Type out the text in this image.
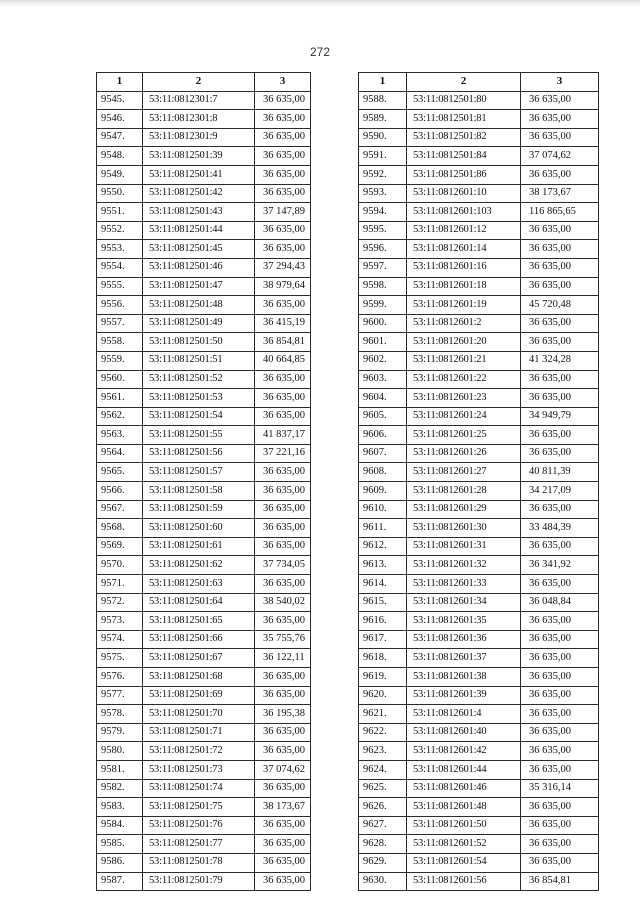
272
1	2	3
9545.	53:11:0812301:7	36 635,00
9546.	53:11:0812301:8	36 635,00
9547.	53:11:0812301:9	36 635,00
9548.	53:11:0812501:39	36 635,00
9549.	53:11:0812501:41	36 635,00
9550.	53:11:0812501:42	36 635,00
9551.	53:11:0812501:43	37 147,89
9552.	53:11:0812501:44	36 635,00
9553.	53:11:0812501:45	36 635,00
9554.	53:11:0812501:46	37 294,43
9555.	53:11:0812501:47	38 979,64
9556.	53:11:0812501:48	36 635,00
9557.	53:11:0812501:49	36 415,19
9558.	53:11:0812501:50	36 854,81
9559.	53:11:0812501:51	40 664,85
9560.	53:11:0812501:52	36 635,00
9561.	53:11:0812501:53	36 635,00
9562.	53:11:0812501:54	36 635,00
9563.	53:11:0812501:55	41 837,17
9564.	53:11:0812501:56	37 221,16
9565.	53:11:0812501:57	36 635,00
9566.	53:11:0812501:58	36 635,00
9567.	53:11:0812501:59	36 635,00
9568.	53:11:0812501:60	36 635,00
9569.	53:11:0812501:61	36 635,00
9570.	53:11:0812501:62	37 734,05
9571.	53:11:0812501:63	36 635,00
9572.	53:11:0812501:64	38 540,02
9573.	53:11:0812501:65	36 635,00
9574.	53:11:0812501:66	35 755,76
9575.	53:11:0812501:67	36 122,11
9576.	53:11:0812501:68	36 635,00
9577.	53:11:0812501:69	36 635,00
9578.	53:11:0812501:70	36 195,38
9579.	53:11:0812501:71	36 635,00
9580.	53:11:0812501:72	36 635,00
9581.	53:11:0812501:73	37 074,62
9582.	53:11:0812501:74	36 635,00
9583.	53:11:0812501:75	38 173,67
9584.	53:11:0812501:76	36 635,00
9585.	53:11:0812501:77	36 635,00
9586.	53:11:0812501:78	36 635,00
9587.	53:11:0812501:79	36 635,00
1	2	3
9588.	53:11:0812501:80	36 635,00
9589.	53:11:0812501:81	36 635,00
9590.	53:11:0812501:82	36 635,00
9591.	53:11:0812501:84	37 074,62
9592.	53:11:0812501:86	36 635,00
9593.	53:11:0812601:10	38 173,67
9594.	53:11:0812601:103	116 865,65
9595.	53:11:0812601:12	36 635,00
9596.	53:11:0812601:14	36 635,00
9597.	53:11:0812601:16	36 635,00
9598.	53:11:0812601:18	36 635,00
9599.	53:11:0812601:19	45 720,48
9600.	53:11:0812601:2	36 635,00
9601.	53:11:0812601:20	36 635,00
9602.	53:11:0812601:21	41 324,28
9603.	53:11:0812601:22	36 635,00
9604.	53:11:0812601:23	36 635,00
9605.	53:11:0812601:24	34 949,79
9606.	53:11:0812601:25	36 635,00
9607.	53:11:0812601:26	36 635,00
9608.	53:11:0812601:27	40 811,39
9609.	53:11:0812601:28	34 217,09
9610.	53:11:0812601:29	36 635,00
9611.	53:11:0812601:30	33 484,39
9612.	53:11:0812601:31	36 635,00
9613.	53:11:0812601:32	36 341,92
9614.	53:11:0812601:33	36 635,00
9615.	53:11:0812601:34	36 048,84
9616.	53:11:0812601:35	36 635,00
9617.	53:11:0812601:36	36 635,00
9618.	53:11:0812601:37	36 635,00
9619.	53:11:0812601:38	36 635,00
9620.	53:11:0812601:39	36 635,00
9621.	53:11:0812601:4	36 635,00
9622.	53:11:0812601:40	36 635,00
9623.	53:11:0812601:42	36 635,00
9624.	53:11:0812601:44	36 635,00
9625.	53:11:0812601:46	35 316,14
9626.	53:11:0812601:48	36 635,00
9627.	53:11:0812601:50	36 635,00
9628.	53:11:0812601:52	36 635,00
9629.	53:11:0812601:54	36 635,00
9630.	53:11:0812601:56	36 854,81
